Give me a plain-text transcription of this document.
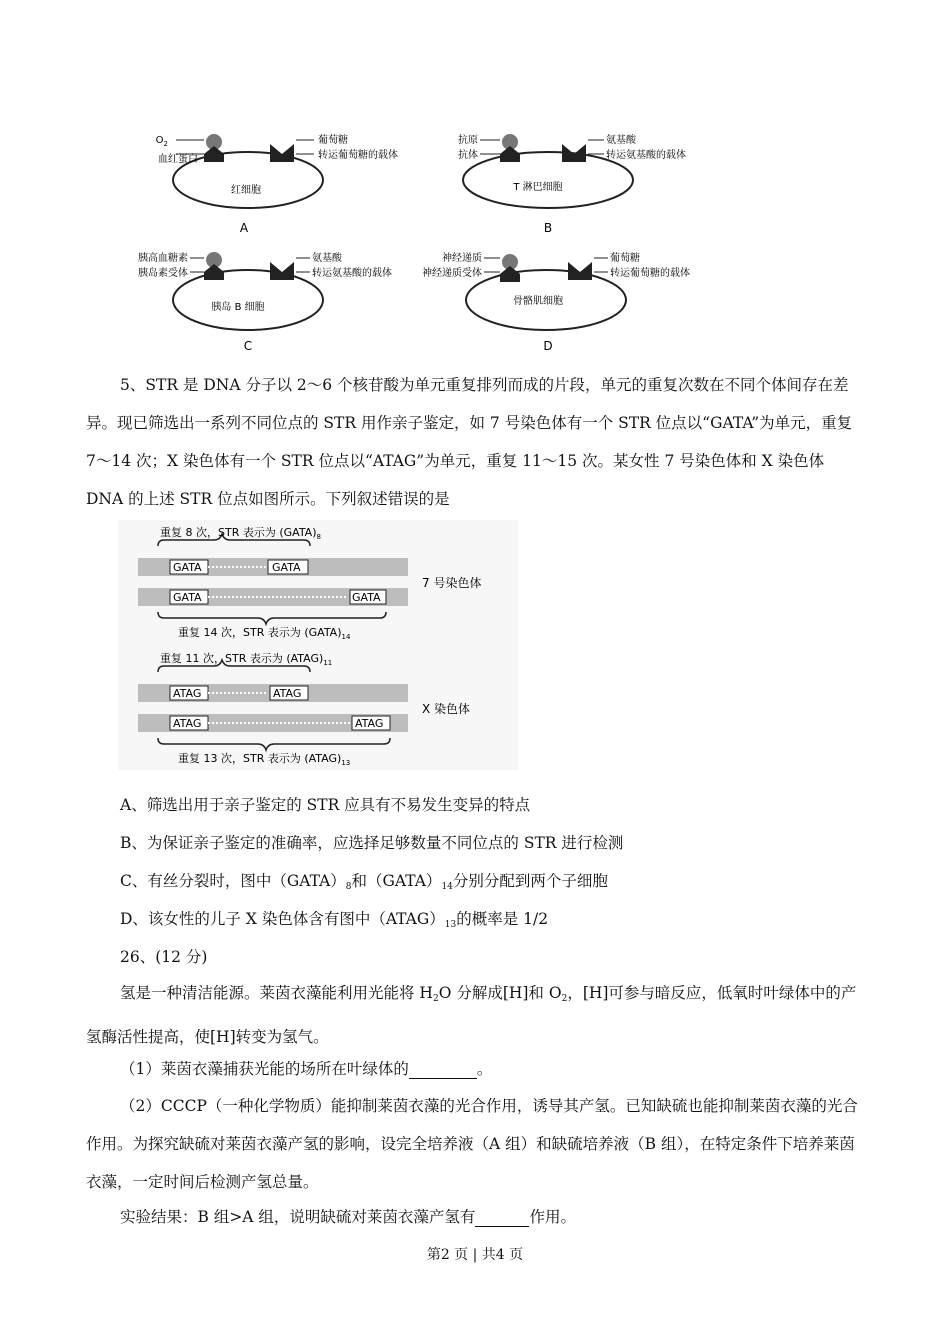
$O_2$
血红蛋白
葡萄糖
转运葡萄糖的载体
红细胞
A
抗原
抗体
氨基酸
转运氨基酸的载体
T 淋巴细胞
B
胰高血糖素
胰岛素受体
氨基酸
转运氨基酸的载体
胰岛 B 细胞
C
神经递质
神经递质受体
葡萄糖
转运葡萄糖的载体
骨骼肌细胞
D
5、STR 是 DNA 分子以 2～6 个核苷酸为单元重复排列而成的片段，单元的重复次数在不同个体间存在差异。现已筛选出一系列不同位点的 STR 用作亲子鉴定，如 7 号染色体有一个 STR 位点以“GATA”为单元，重复 7～14 次；X 染色体有一个 STR 位点以“ATAG”为单元，重复 11～15 次。某女性 7 号染色体和 X 染色体 DNA 的上述 STR 位点如图所示。下列叙述错误的是
重复 8 次，STR 表示为 $(GATA)_8$
GATA	GATA
GATA	GATA
7 号染色体
重复 14 次，STR 表示为 $(GATA)_{14}$
重复 11 次，STR 表示为 $(ATAG)_{11}$
ATAG	ATAG
ATAG	ATAG
X 染色体
重复 13 次，STR 表示为 $(ATAG)_{13}$
A、筛选出用于亲子鉴定的 STR 应具有不易发生变异的特点
B、为保证亲子鉴定的准确率，应选择足够数量不同位点的 STR 进行检测
C、有丝分裂时，图中$(GATA)_8$和$(GATA)_{14}$分别分配到两个子细胞
D、该女性的儿子 X 染色体含有图中$(ATAG)_{13}$的概率是 1/2
26、(12 分)
氢是一种清洁能源。莱茵衣藻能利用光能将 $H_2O$ 分解成[H]和 $O_2$，[H]可参与暗反应，低氧时叶绿体中的产氢酶活性提高，使[H]转变为氢气。
（1）莱茵衣藻捕获光能的场所在叶绿体的	。
（2）CCCP（一种化学物质）能抑制莱茵衣藻的光合作用，诱导其产氢。已知缺硫也能抑制莱茵衣藻的光合作用。为探究缺硫对莱茵衣藻产氢的影响，设完全培养液（A 组）和缺硫培养液（B 组），在特定条件下培养莱茵衣藻，一定时间后检测产氢总量。
实验结果：B 组>A 组，说明缺硫对莱茵衣藻产氢有	作用。
第2 页 | 共4 页
